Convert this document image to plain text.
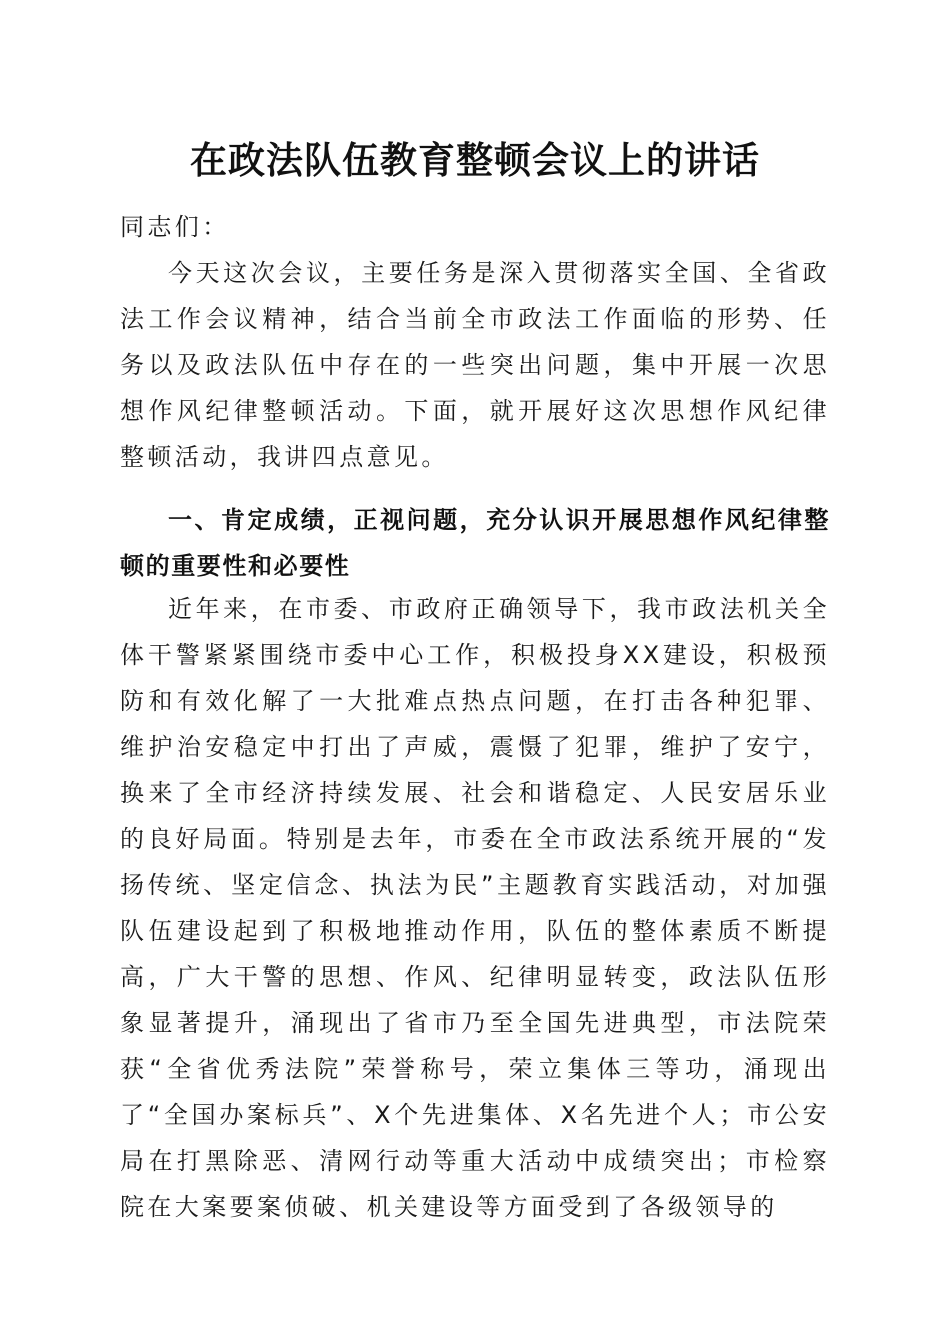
在政法队伍教育整顿会议上的讲话

同志们：

今天这次会议，主要任务是深入贯彻落实全国、全省政法工作会议精神，结合当前全市政法工作面临的形势、任务以及政法队伍中存在的一些突出问题，集中开展一次思想作风纪律整顿活动。下面，就开展好这次思想作风纪律整顿活动，我讲四点意见。

一、肯定成绩，正视问题，充分认识开展思想作风纪律整顿的重要性和必要性

近年来，在市委、市政府正确领导下，我市政法机关全体干警紧紧围绕市委中心工作，积极投身XX建设，积极预防和有效化解了一大批难点热点问题，在打击各种犯罪、维护治安稳定中打出了声威，震慑了犯罪，维护了安宁，换来了全市经济持续发展、社会和谐稳定、人民安居乐业的良好局面。特别是去年，市委在全市政法系统开展的“发扬传统、坚定信念、执法为民”主题教育实践活动，对加强队伍建设起到了积极地推动作用，队伍的整体素质不断提高，广大干警的思想、作风、纪律明显转变，政法队伍形象显著提升，涌现出了省市乃至全国先进典型，市法院荣获“全省优秀法院”荣誉称号，荣立集体三等功，涌现出了“全国办案标兵”、X个先进集体、X名先进个人；市公安局在打黑除恶、清网行动等重大活动中成绩突出；市检察院在大案要案侦破、机关建设等方面受到了各级领导的
